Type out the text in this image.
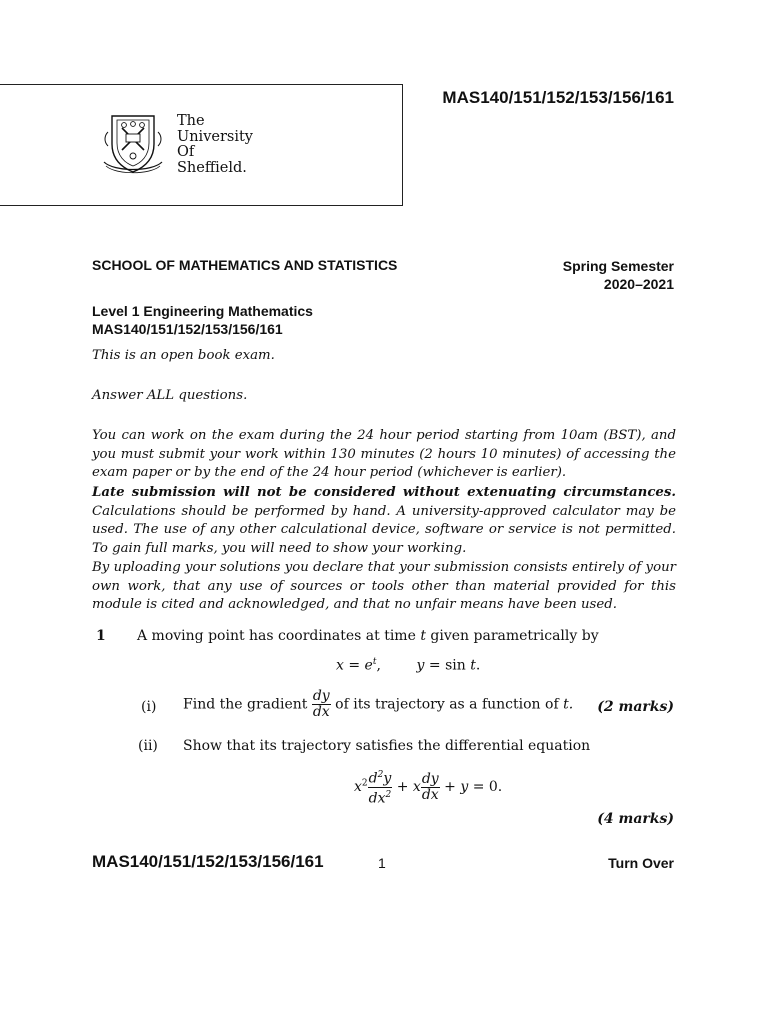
The
University
Of
Sheffield.
MAS140/151/152/153/156/161
SCHOOL OF MATHEMATICS AND STATISTICS	Spring Semester
2020–2021
Level 1 Engineering Mathematics
MAS140/151/152/153/156/161
This is an open book exam.
Answer ALL questions.
You can work on the exam during the 24 hour period starting from 10am (BST), and you must submit your work within 130 minutes (2 hours 10 minutes) of accessing the exam paper or by the end of the 24 hour period (whichever is earlier).
Late submission will not be considered without extenuating circumstances. Calculations should be performed by hand. A university-approved calculator may be used. The use of any other calculational device, software or service is not permitted. To gain full marks, you will need to show your working.
By uploading your solutions you declare that your submission consists entirely of your own work, that any use of sources or tools other than material provided for this module is cited and acknowledged, and that no unfair means have been used.
1 A moving point has coordinates at time t given parametrically by
$x = e^t$,        y = sin t.
(i) Find the gradient $\frac{dy}{dx}$ of its trajectory as a function of t. (2 marks)
(ii) Show that its trajectory satisfies the differential equation
$x^2 \frac{d^2y}{dx^2} + x \frac{dy}{dx} + y = 0$.
(4 marks)
MAS140/151/152/153/156/161	1	Turn Over
